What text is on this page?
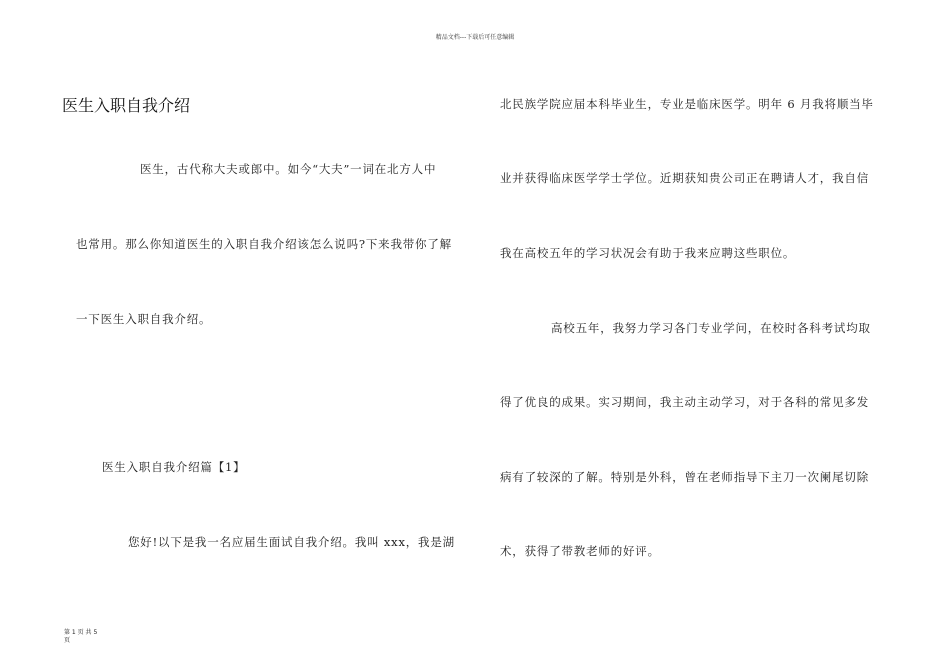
精品文档---下载后可任意编辑
医生入职自我介绍
医生，古代称大夫或郎中。如今“大夫”一词在北方人中
也常用。那么你知道医生的入职自我介绍该怎么说吗?下来我带你了解
一下医生入职自我介绍。
医生入职自我介绍篇【1】
您好!以下是我一名应届生面试自我介绍。我叫 xxx，我是湖
北民族学院应届本科毕业生，专业是临床医学。明年 6 月我将顺当毕
业并获得临床医学学士学位。近期获知贵公司正在聘请人才，我自信
我在高校五年的学习状况会有助于我来应聘这些职位。
高校五年，我努力学习各门专业学问，在校时各科考试均取
得了优良的成果。实习期间，我主动主动学习，对于各科的常见多发
病有了较深的了解。特别是外科，曾在老师指导下主刀一次阑尾切除
术，获得了带教老师的好评。
第 1 页 共 5
页
